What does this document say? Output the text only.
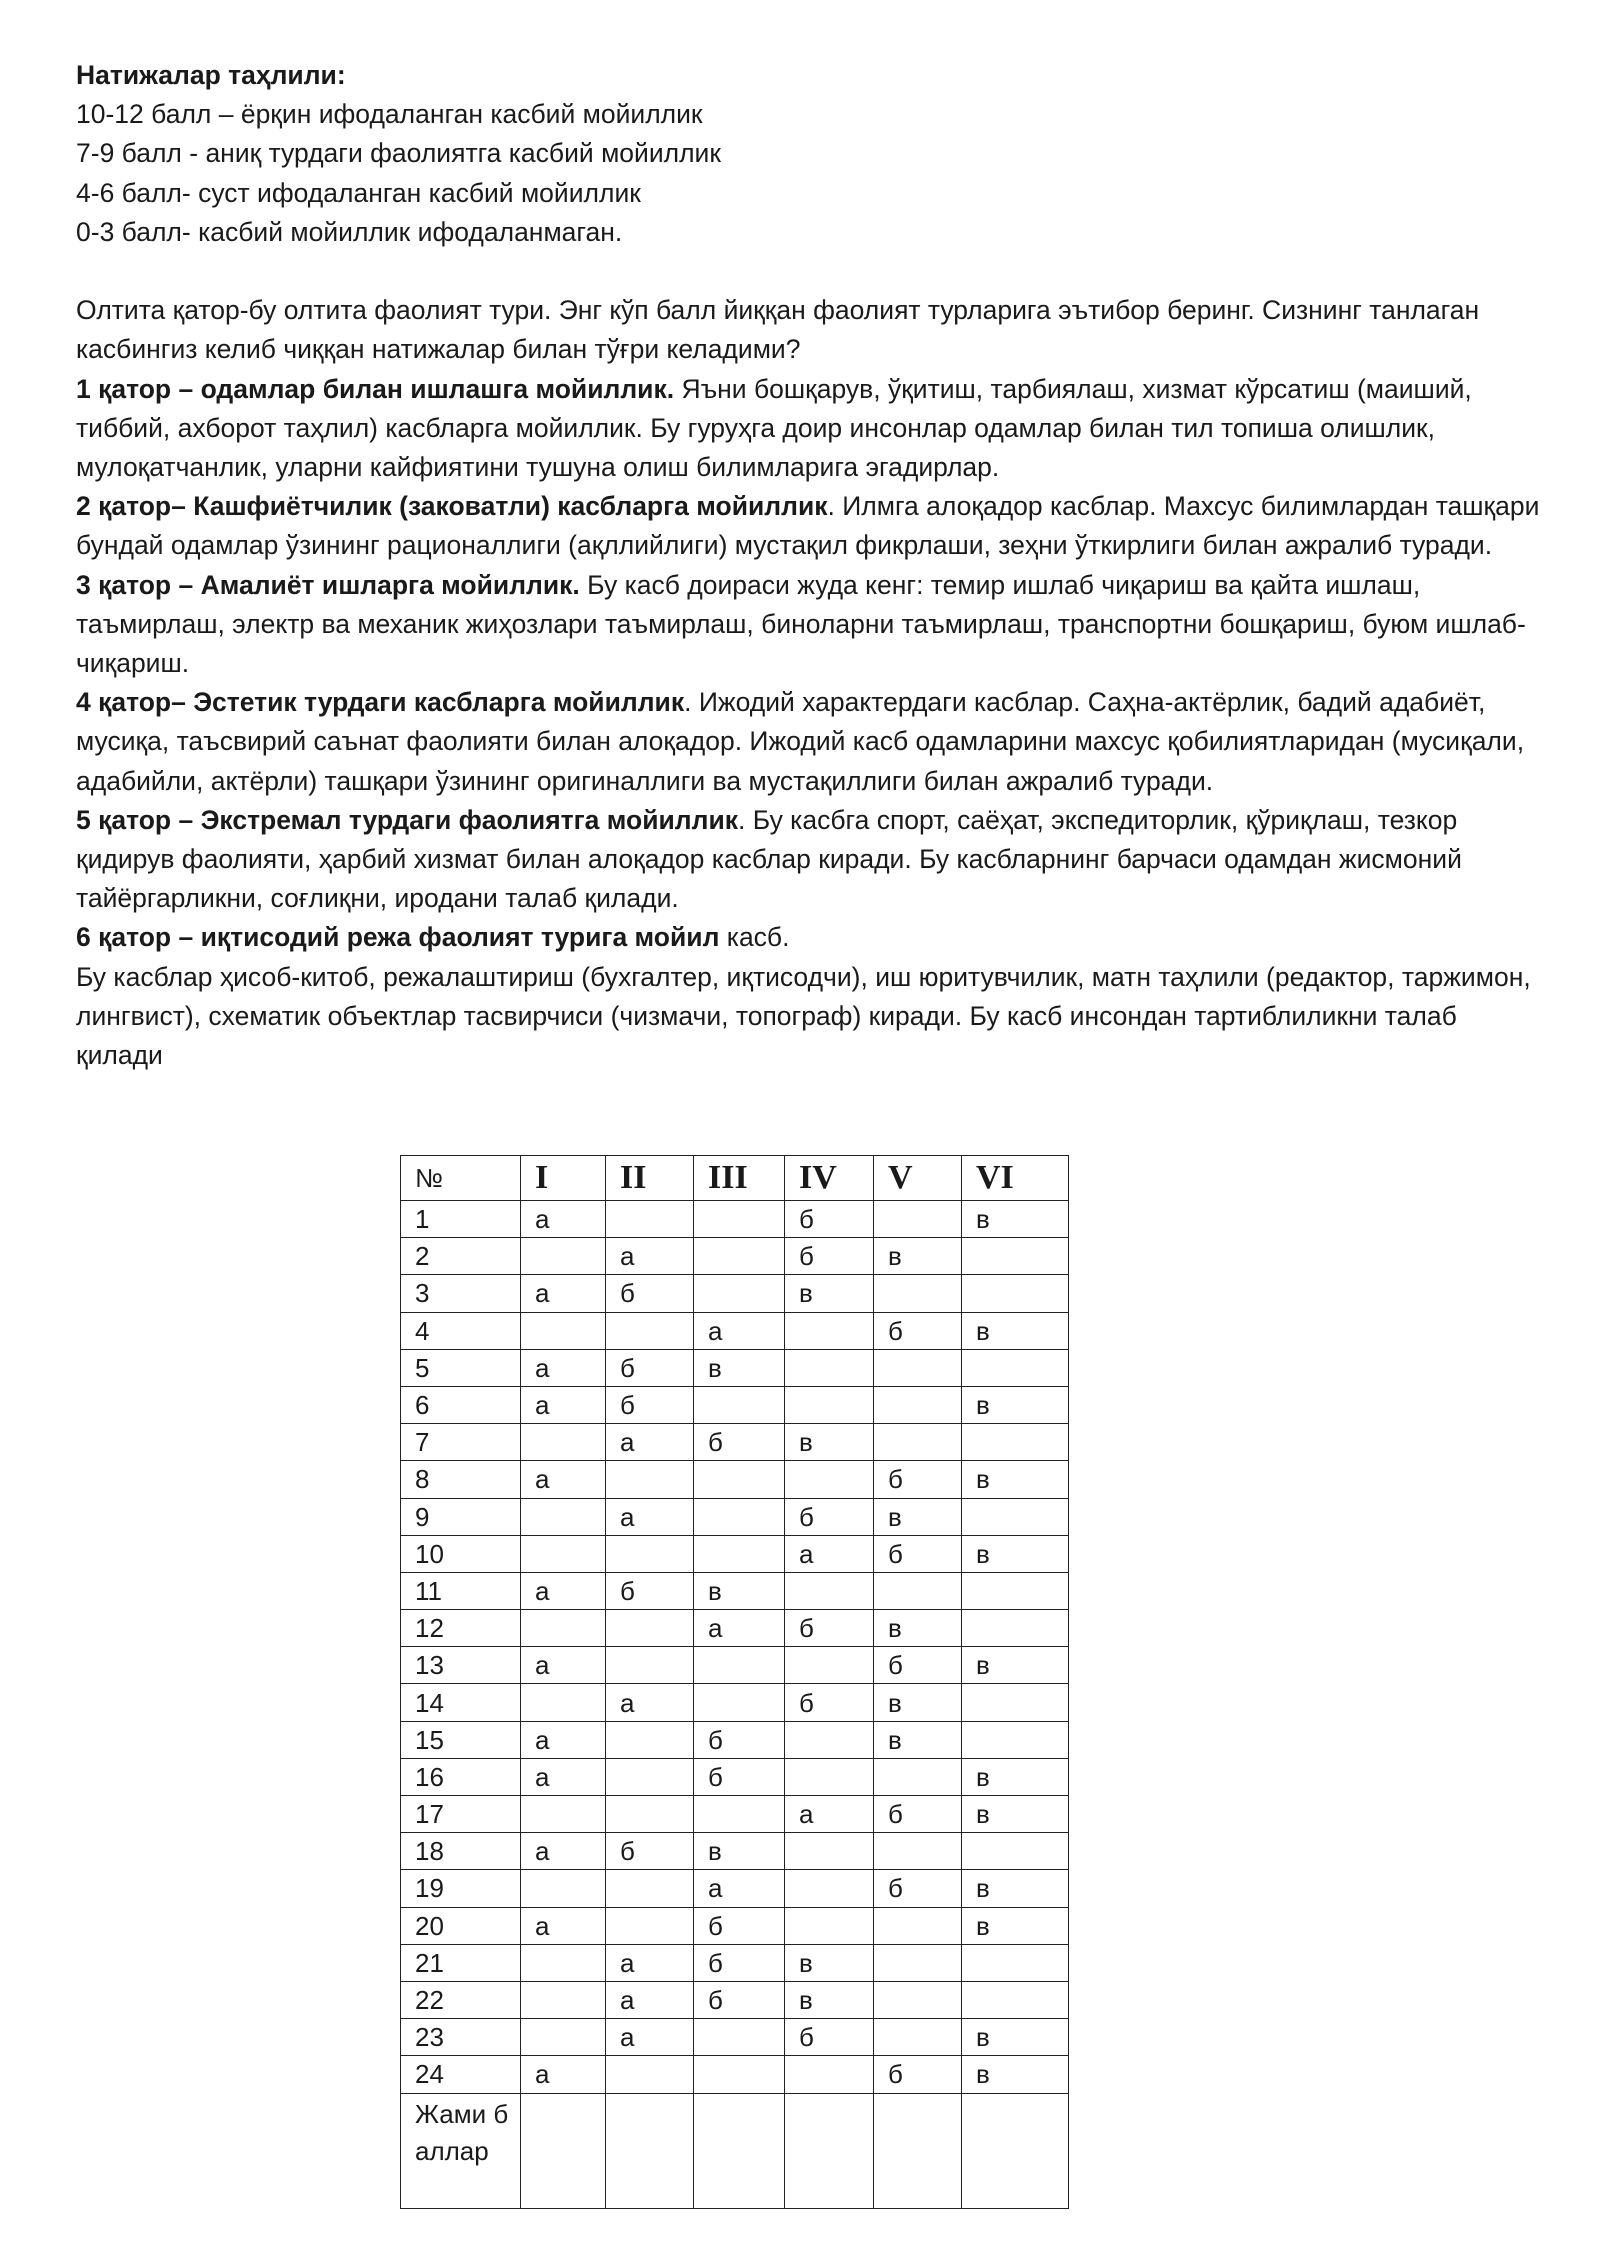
Натижалар таҳлили:

10-12 балл – ёрқин ифодаланган касбий мойиллик

7-9 балл - аниқ турдаги фаолиятга касбий мойиллик

4-6 балл- суст ифодаланган касбий мойиллик

0-3 балл- касбий мойиллик ифодаланмаган.

Олтита қатор-бу олтита фаолият тури. Энг кўп балл йиққан фаолият турларига эътибор беринг. Сизнинг танлаган касбингиз келиб чиққан натижалар билан тўғри келадими?

1 қатор – одамлар билан ишлашга мойиллик. Яъни бошқарув, ўқитиш, тарбиялаш, хизмат кўрсатиш (маиший, тиббий, ахборот таҳлил) касбларга мойиллик. Бу гуруҳга доир инсонлар одамлар билан тил топиша олишлик, мулоқатчанлик, уларни кайфиятини тушуна олиш билимларига эгадирлар.

2 қатор– Кашфиётчилик (заковатли) касбларга мойиллик. Илмга алоқадор касблар. Махсус билимлардан ташқари бундай одамлар ўзининг рационаллиги (ақллийлиги) мустақил фикрлаши, зеҳни ўткирлиги билан ажралиб туради.

3 қатор – Амалиёт ишларга мойиллик. Бу касб доираси жуда кенг: темир ишлаб чиқариш ва қайта ишлаш, таъмирлаш, электр ва механик жиҳозлари таъмирлаш, биноларни таъмирлаш, транспортни бошқариш, буюм ишлаб-чиқариш.

4 қатор– Эстетик турдаги касбларга мойиллик. Ижодий характердаги касблар. Саҳна-актёрлик, бадий адабиёт, мусиқа, таъсвирий саънат фаолияти билан алоқадор. Ижодий касб одамларини махсус қобилиятларидан (мусиқали, адабийли, актёрли) ташқари ўзининг оригиналлиги ва мустақиллиги билан ажралиб туради.

5 қатор – Экстремал турдаги фаолиятга мойиллик. Бу касбга спорт, саёҳат, экспедиторлик, қўриқлаш, тезкор қидирув фаолияти, ҳарбий хизмат билан алоқадор касблар киради. Бу касбларнинг барчаси одамдан жисмоний тайёргарликни, соғлиқни, иродани талаб қилади.

6 қатор – иқтисодий режа фаолият турига мойил касб.

Бу касблар ҳисоб-китоб, режалаштириш (бухгалтер, иқтисодчи), иш юритувчилик, матн таҳлили (редактор, таржимон, лингвист), схематик объектлар тасвирчиси (чизмачи, топограф) киради. Бу касб инсондан тартиблиликни талаб қилади

№	I	II	III	IV	V	VI
1	а			б		в
2		а		б	в	
3	а	б		в		
4			а		б	в
5	а	б	в			
6	а	б				в
7		а	б	в		
8	а				б	в
9		а		б	в	
10				а	б	в
11	а	б	в			
12			а	б	в	
13	а				б	в
14		а		б	в	
15	а		б		в	
16	а		б			в
17				а	б	в
18	а	б	в			
19			а		б	в
20	а		б			в
21		а	б	в		
22		а	б	в		
23		а		б		в
24	а				б	в
Жами баллар						
